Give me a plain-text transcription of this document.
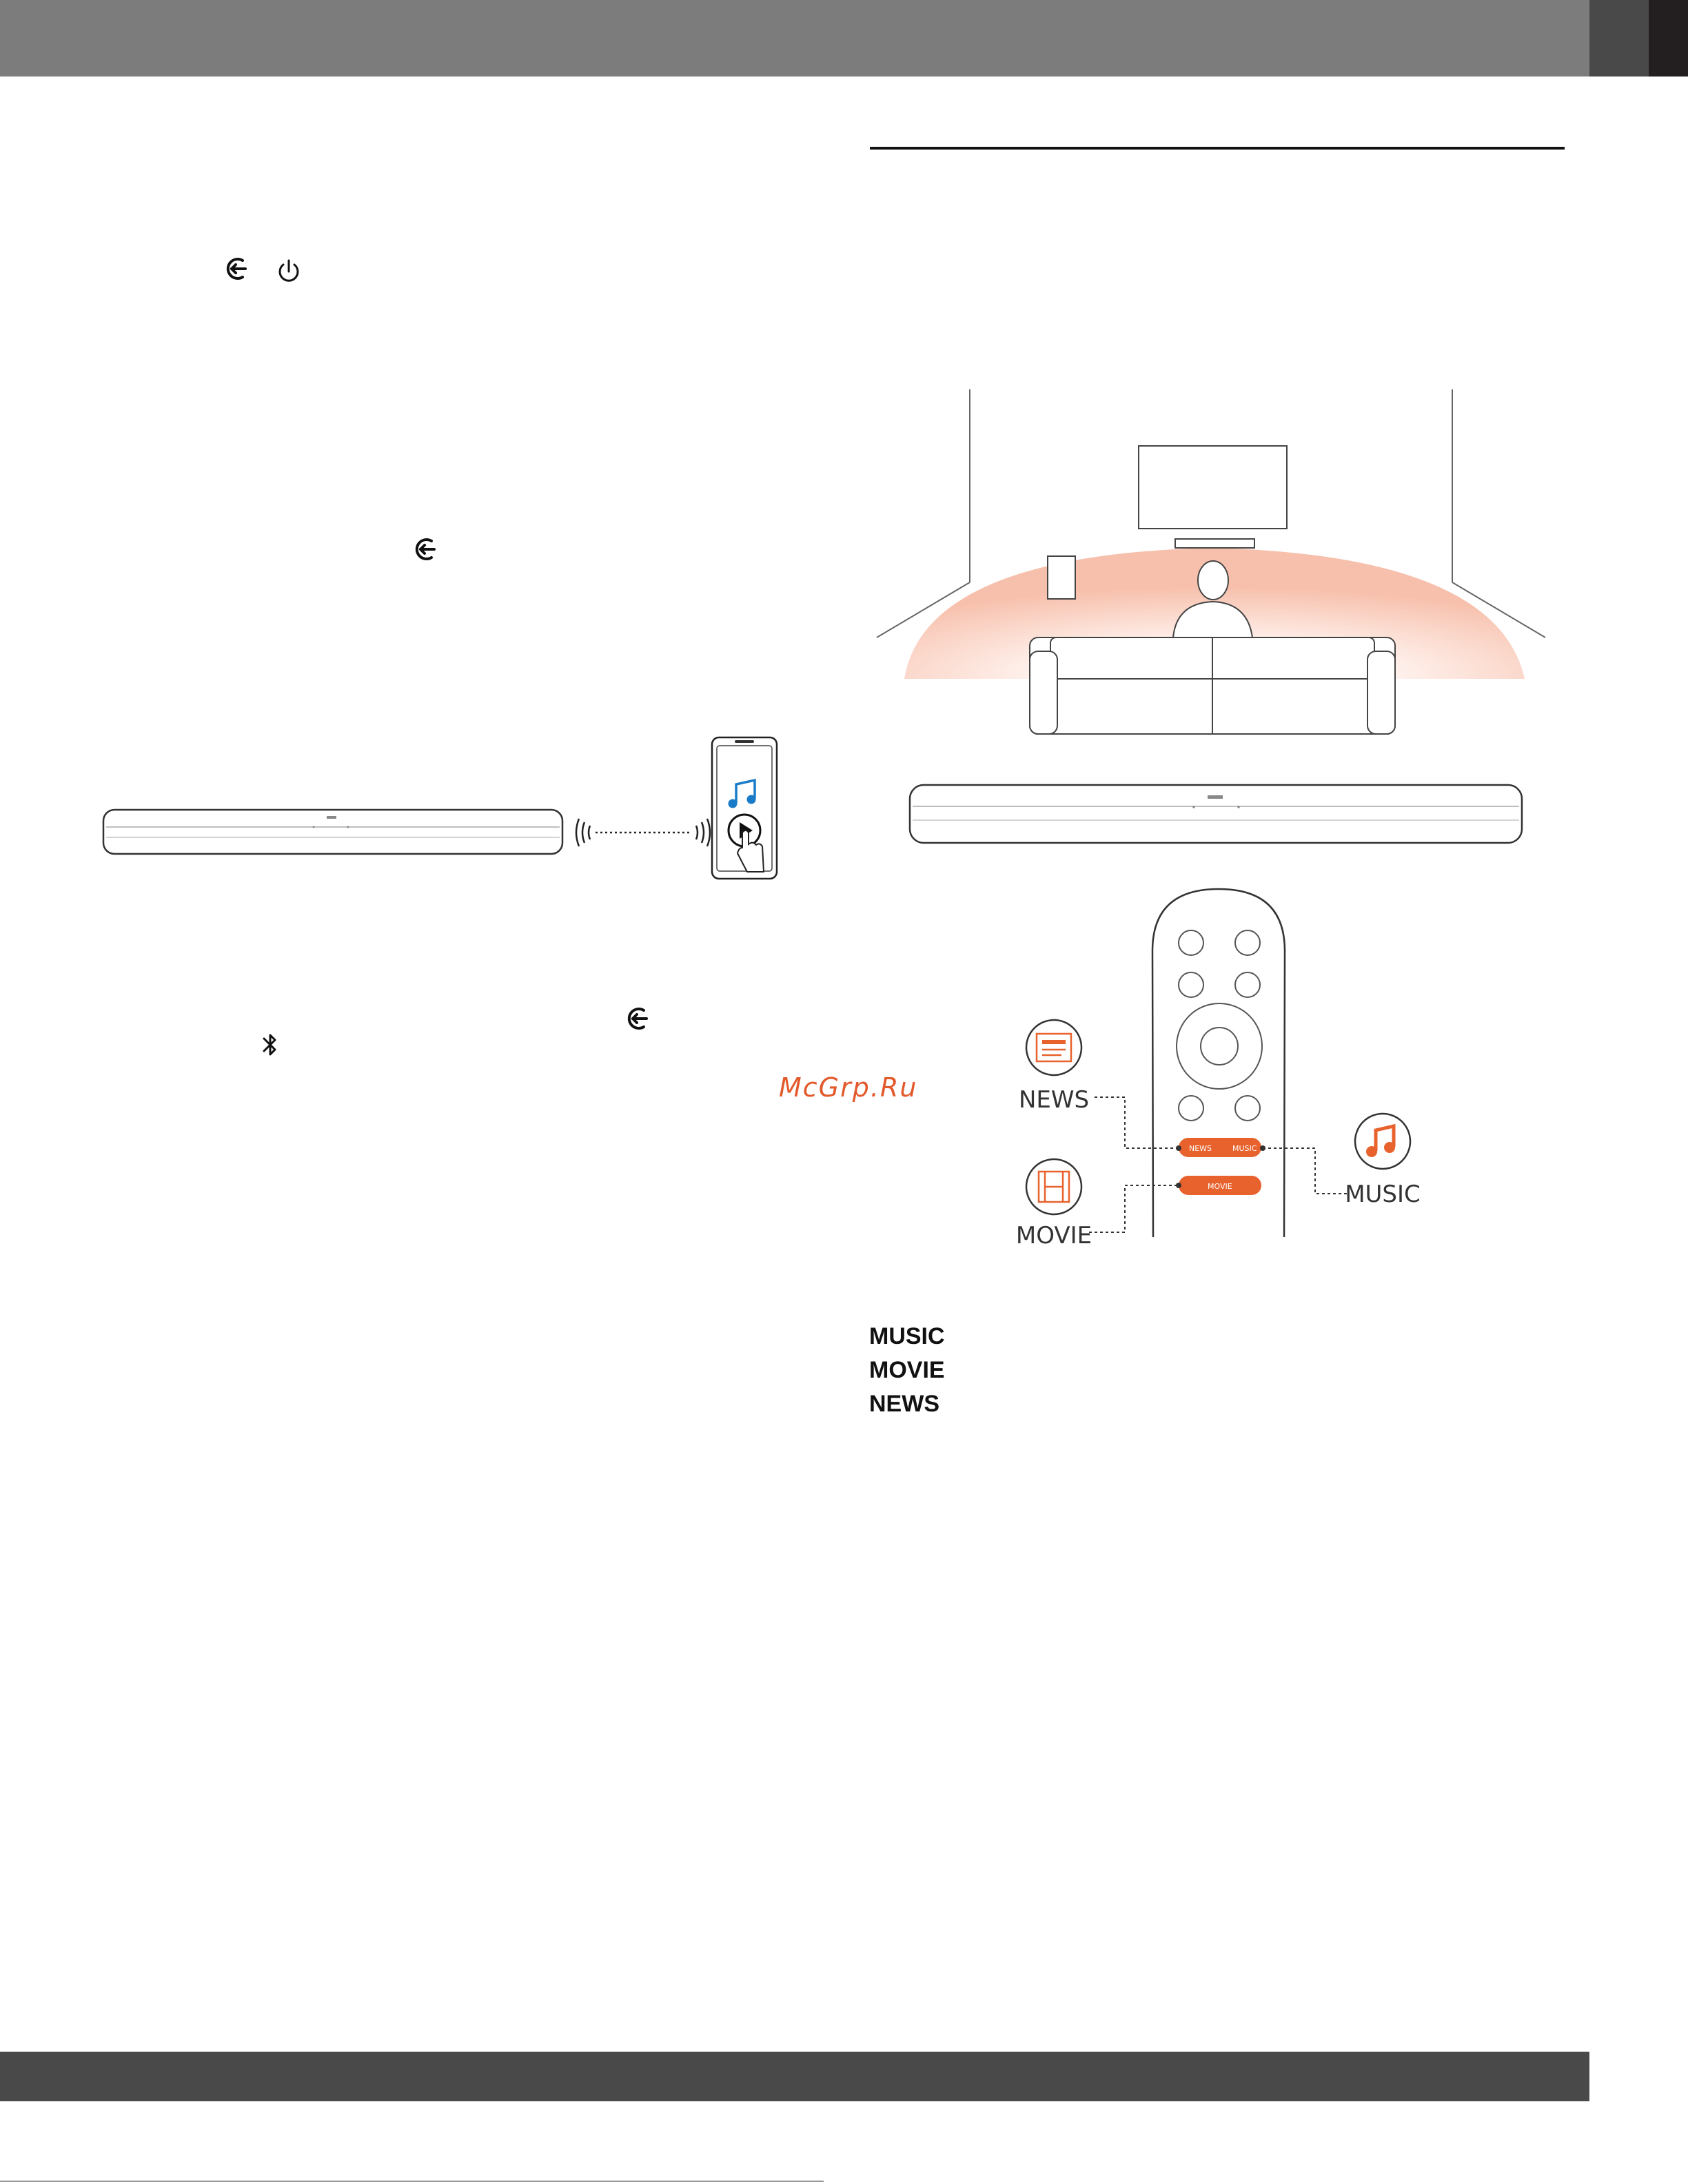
NEWS	MUSIC
MOVIE
NEWS
MOVIE
MUSIC
McGrp.Ru
MUSIC
MOVIE
NEWS
